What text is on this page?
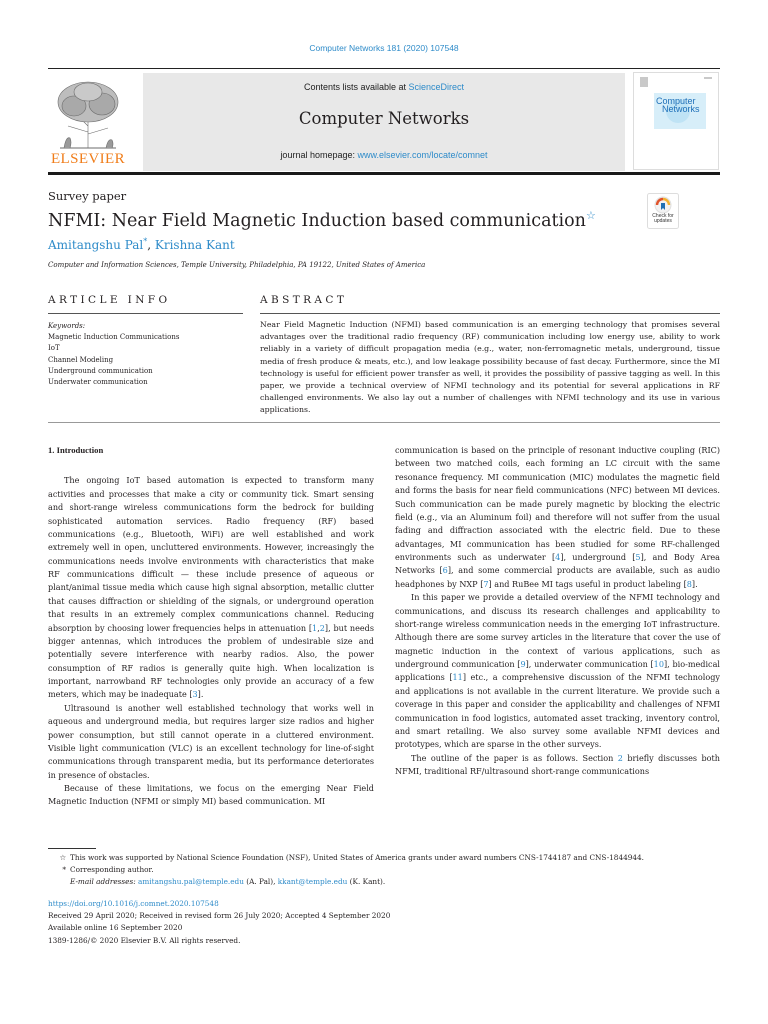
Computer Networks 181 (2020) 107548
ELSEVIER
Contents lists available at ScienceDirect
Computer Networks
journal homepage: www.elsevier.com/locate/comnet
Computer
Networks
Survey paper
NFMI: Near Field Magnetic Induction based communication☆	Check for
updates
Amitangshu Pal*, Krishna Kant
Computer and Information Sciences, Temple University, Philadelphia, PA 19122, United States of America
ARTICLE INFO
Keywords:
Magnetic Induction Communications
IoT
Channel Modeling
Underground communication
Underwater communication
ABSTRACT
Near Field Magnetic Induction (NFMI) based communication is an emerging technology that promises several advantages over the traditional radio frequency (RF) communication including low energy use, ability to work reliably in a variety of difficult propagation media (e.g., water, non-ferromagnetic metals, underground, tissue media of fresh produce & meats, etc.), and low leakage possibility because of fast decay. Furthermore, since the MI technology is useful for efficient power transfer as well, it provides the possibility of passive tagging as well. In this paper, we provide a technical overview of NFMI technology and its potential for several applications in RF challenged environments. We also lay out a number of challenges with NFMI technology and its use in various applications.
1. Introduction

The ongoing IoT based automation is expected to transform many activities and processes that make a city or community tick. Smart sensing and short-range wireless communications form the bedrock for building sophisticated automation services. Radio frequency (RF) based communications (e.g., Bluetooth, WiFi) are well established and work extremely well in open, uncluttered environments. However, increasingly the communications needs involve environments with characteristics that make RF communications difficult — these include presence of aqueous or plant/animal tissue media which cause high signal absorption, metallic clutter that causes diffraction or shielding of the signals, or underground operation that results in an extremely complex communications channel. Reducing absorption by choosing lower frequencies helps in attenuation [1,2], but needs bigger antennas, which introduces the problem of undesirable size and potentially severe interference with nearby radios. Also, the power consumption of RF radios is generally quite high. When localization is important, narrowband RF technologies only provide an accuracy of a few meters, which may be inadequate [3].

Ultrasound is another well established technology that works well in aqueous and underground media, but requires larger size radios and higher power consumption, but still cannot operate in a cluttered environment. Visible light communication (VLC) is an excellent technology for line-of-sight communications through transparent media, but its performance deteriorates in presence of obstacles.

Because of these limitations, we focus on the emerging Near Field Magnetic Induction (NFMI or simply MI) based communication. MI

communication is based on the principle of resonant inductive coupling (RIC) between two matched coils, each forming an LC circuit with the same resonance frequency. MI communication (MIC) modulates the magnetic field and forms the basis for near field communications (NFC) between MI devices. Such communication can be made purely magnetic by blocking the electric field (e.g., via an Aluminum foil) and therefore will not suffer from the usual fading and diffraction associated with the electric field. Due to these advantages, MI communication has been studied for some RF-challenged environments such as underwater [4], underground [5], and Body Area Networks [6], and some commercial products are available, such as audio headphones by NXP [7] and RuBee MI tags useful in product labeling [8].

In this paper we provide a detailed overview of the NFMI technology and communications, and discuss its research challenges and applicability to short-range wireless communication needs in the emerging IoT infrastructure. Although there are some survey articles in the literature that cover the use of magnetic induction in the context of various applications, such as underground communication [9], underwater communication [10], bio-medical applications [11] etc., a comprehensive discussion of the NFMI technology and applications is not available in the current literature. We provide such a coverage in this paper and consider the applicability and challenges of NFMI communication in food logistics, automated asset tracking, inventory control, and smart retailing. We also survey some available NFMI devices and prototypes, which are sparse in the other surveys.

The outline of the paper is as follows. Section 2 briefly discusses both NFMI, traditional RF/ultrasound short-range communications

☆ This work was supported by National Science Foundation (NSF), United States of America grants under award numbers CNS-1744187 and CNS-1844944.
* Corresponding author.
E-mail addresses: amitangshu.pal@temple.edu (A. Pal), kkant@temple.edu (K. Kant).
https://doi.org/10.1016/j.comnet.2020.107548
Received 29 April 2020; Received in revised form 26 July 2020; Accepted 4 September 2020
Available online 16 September 2020
1389-1286/© 2020 Elsevier B.V. All rights reserved.
